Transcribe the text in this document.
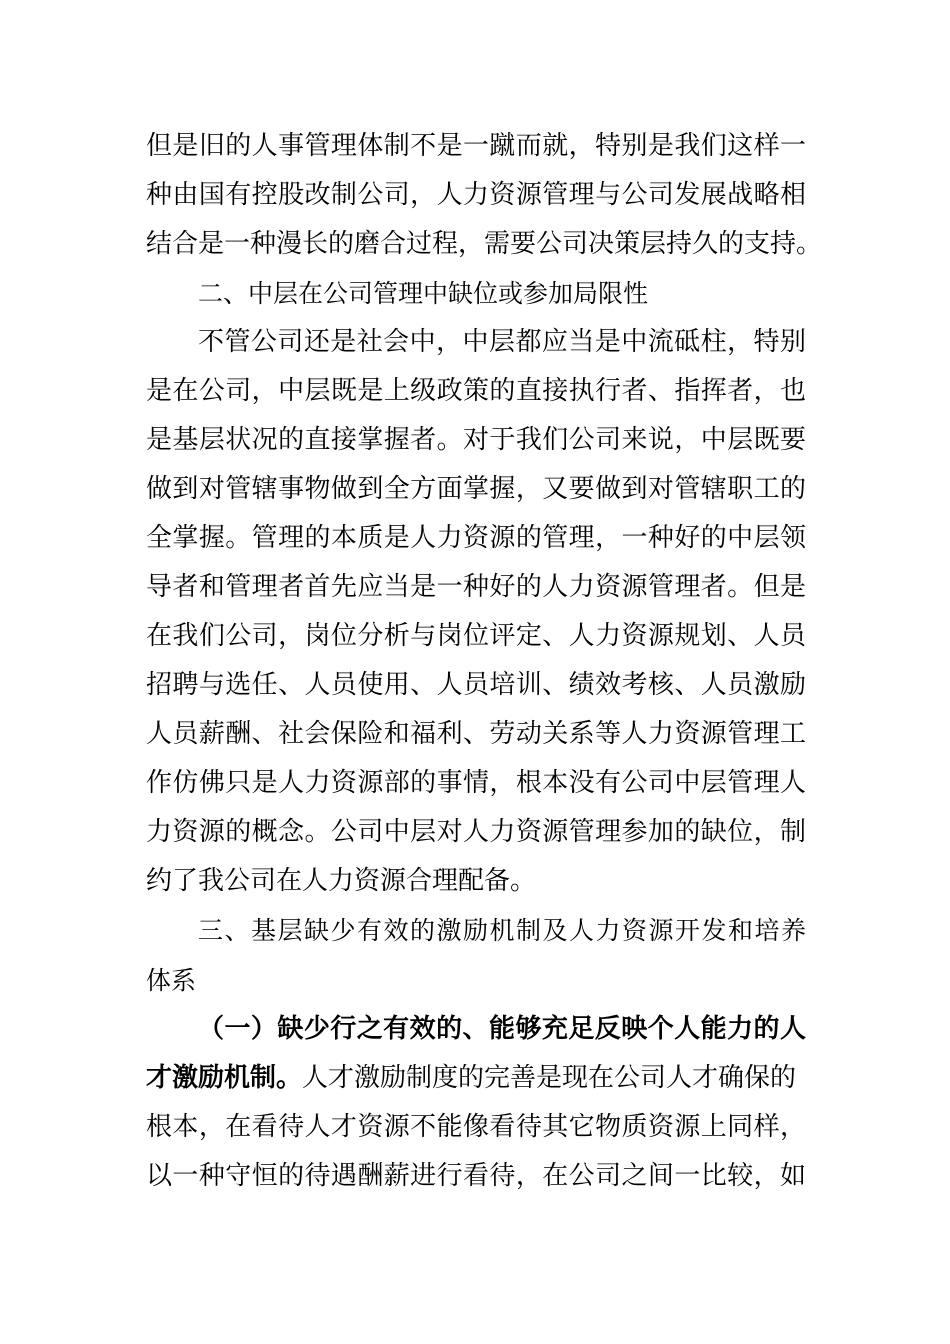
但是旧的人事管理体制不是一蹴而就，特别是我们这样一
种由国有控股改制公司，人力资源管理与公司发展战略相
结合是一种漫长的磨合过程，需要公司决策层持久的支持。
二、中层在公司管理中缺位或参加局限性
不管公司还是社会中，中层都应当是中流砥柱，特别
是在公司，中层既是上级政策的直接执行者、指挥者，也
是基层状况的直接掌握者。对于我们公司来说，中层既要
做到对管辖事物做到全方面掌握，又要做到对管辖职工的
全掌握。管理的本质是人力资源的管理，一种好的中层领
导者和管理者首先应当是一种好的人力资源管理者。但是
在我们公司，岗位分析与岗位评定、人力资源规划、人员
招聘与选任、人员使用、人员培训、绩效考核、人员激励
人员薪酬、社会保险和福利、劳动关系等人力资源管理工
作仿佛只是人力资源部的事情，根本没有公司中层管理人
力资源的概念。公司中层对人力资源管理参加的缺位，制
约了我公司在人力资源合理配备。
三、基层缺少有效的激励机制及人力资源开发和培养
体系
（一）缺少行之有效的、能够充足反映个人能力的人
才激励机制。人才激励制度的完善是现在公司人才确保的
根本，在看待人才资源不能像看待其它物质资源上同样，
以一种守恒的待遇酬薪进行看待，在公司之间一比较，如
